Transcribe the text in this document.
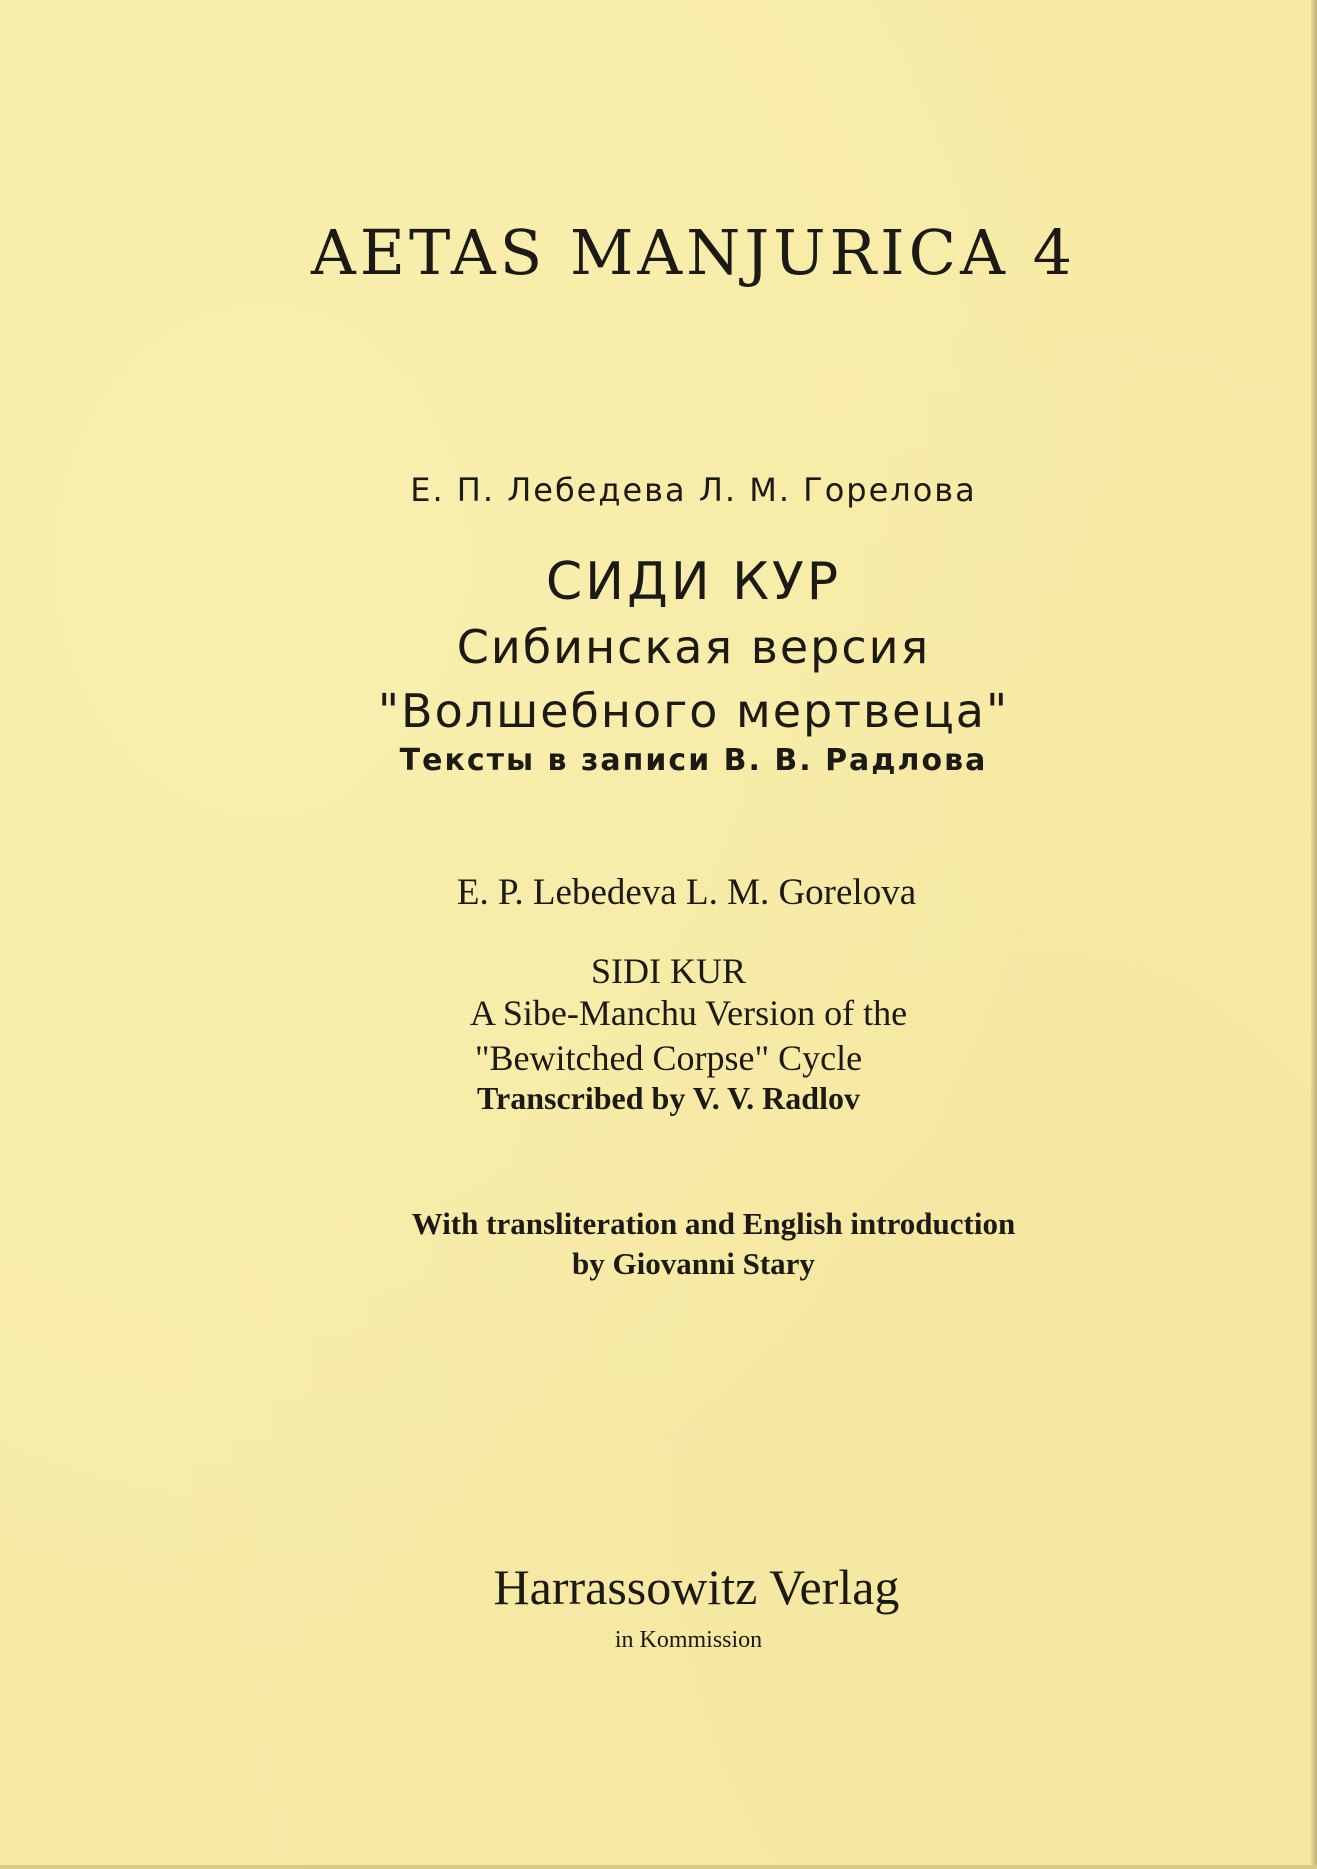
AETAS MANJURICA 4
Е. П. Лебедева Л. М. Горелова
СИДИ КУР
Сибинская версия
"Волшебного мертвеца"
Тексты в записи В. В. Радлова
E. P. Lebedeva L. M. Gorelova
SIDI KUR
A Sibe-Manchu Version of the
"Bewitched Corpse" Cycle
Transcribed by V. V. Radlov
With transliteration and English introduction
by Giovanni Stary
Harrassowitz Verlag
in Kommission
